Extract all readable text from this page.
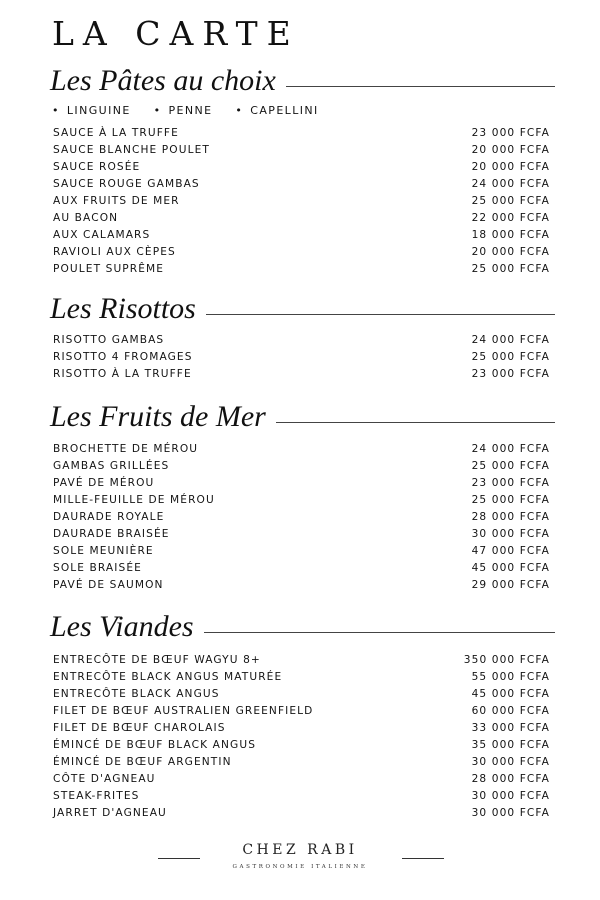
LA CARTE
Les Pâtes au choix
• LINGUINE	• PENNE	• CAPELLINI
SAUCE À LA TRUFFE	23 000 FCFA
SAUCE BLANCHE POULET	20 000 FCFA
SAUCE ROSÉE	20 000 FCFA
SAUCE ROUGE GAMBAS	24 000 FCFA
AUX FRUITS DE MER	25 000 FCFA
AU BACON	22 000 FCFA
AUX CALAMARS	18 000 FCFA
RAVIOLI AUX CÈPES	20 000 FCFA
POULET SUPRÊME	25 000 FCFA
Les Risottos
RISOTTO GAMBAS	24 000 FCFA
RISOTTO 4 FROMAGES	25 000 FCFA
RISOTTO À LA TRUFFE	23 000 FCFA
Les Fruits de Mer
BROCHETTE DE MÉROU	24 000 FCFA
GAMBAS GRILLÉES	25 000 FCFA
PAVÉ DE MÉROU	23 000 FCFA
MILLE-FEUILLE DE MÉROU	25 000 FCFA
DAURADE ROYALE	28 000 FCFA
DAURADE BRAISÉE	30 000 FCFA
SOLE MEUNIÈRE	47 000 FCFA
SOLE BRAISÉE	45 000 FCFA
PAVÉ DE SAUMON	29 000 FCFA
Les Viandes
ENTRECÔTE DE BŒUF WAGYU 8+	350 000 FCFA
ENTRECÔTE BLACK ANGUS MATURÉE	55 000 FCFA
ENTRECÔTE BLACK ANGUS	45 000 FCFA
FILET DE BŒUF AUSTRALIEN GREENFIELD	60 000 FCFA
FILET DE BŒUF CHAROLAIS	33 000 FCFA
ÉMINCÉ DE BŒUF BLACK ANGUS	35 000 FCFA
ÉMINCÉ DE BŒUF ARGENTIN	30 000 FCFA
CÔTE D'AGNEAU	28 000 FCFA
STEAK-FRITES	30 000 FCFA
JARRET D'AGNEAU	30 000 FCFA
CHEZ RABI
GASTRONOMIE ITALIENNE
